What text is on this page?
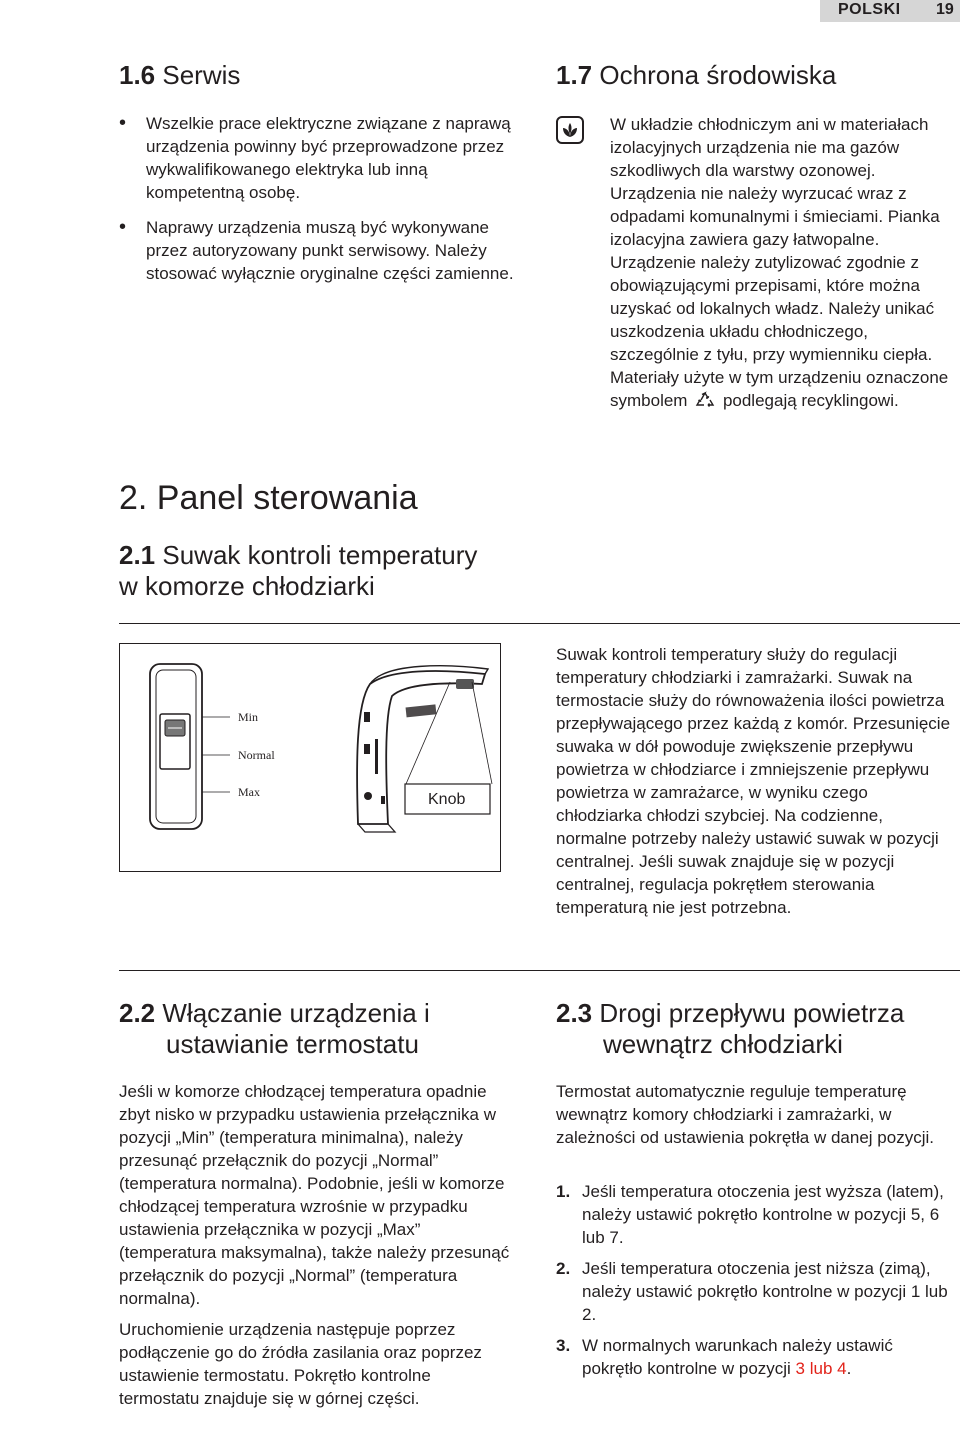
POLSKI 19
1.6 Serwis
• Wszelkie prace elektryczne związane z naprawą urządzenia powinny być przeprowadzone przez wykwalifikowanego elektryka lub inną kompetentną osobę.
• Naprawy urządzenia muszą być wykonywane przez autoryzowany punkt serwisowy. Należy stosować wyłącznie oryginalne części zamienne.
1.7 Ochrona środowiska
W układzie chłodniczym ani w materiałach izolacyjnych urządzenia nie ma gazów szkodliwych dla warstwy ozonowej. Urządzenia nie należy wyrzucać wraz z odpadami komunalnymi i śmieciami. Pianka izolacyjna zawiera gazy łatwopalne. Urządzenie należy zutylizować zgodnie z obowiązującymi przepisami, które można uzyskać od lokalnych władz. Należy unikać uszkodzenia układu chłodniczego, szczególnie z tyłu, przy wymienniku ciepła. Materiały użyte w tym urządzeniu oznaczone symbolem podlegają recyklingowi.
2. Panel sterowania
2.1 Suwak kontroli temperatury
w komorze chłodziarki
Min
Normal
Max	Knob
Suwak kontroli temperatury służy do regulacji temperatury chłodziarki i zamrażarki. Suwak na termostacie służy do równoważenia ilości powietrza przepływającego przez każdą z komór. Przesunięcie suwaka w dół powoduje zwiększenie przepływu powietrza w chłodziarce i zmniejszenie przepływu powietrza w zamrażarce, w wyniku czego chłodziarka chłodzi szybciej. Na codzienne, normalne potrzeby należy ustawić suwak w pozycji centralnej. Jeśli suwak znajduje się w pozycji centralnej, regulacja pokrętłem sterowania temperaturą nie jest potrzebna.
2.2 Włączanie urządzenia i
ustawianie termostatu

Jeśli w komorze chłodzącej temperatura opadnie zbyt nisko w przypadku ustawienia przełącznika w pozycji „Min” (temperatura minimalna), należy przesunąć przełącznik do pozycji „Normal” (temperatura normalna). Podobnie, jeśli w komorze chłodzącej temperatura wzrośnie w przypadku ustawienia przełącznika w pozycji „Max” (temperatura maksymalna), także należy przesunąć przełącznik do pozycji „Normal” (temperatura normalna).

Uruchomienie urządzenia następuje poprzez podłączenie go do źródła zasilania oraz poprzez ustawienie termostatu. Pokrętło kontrolne termostatu znajduje się w górnej części.

2.3 Drogi przepływu powietrza
wewnątrz chłodziarki
Termostat automatycznie reguluje temperaturę wewnątrz komory chłodziarki i zamrażarki, w zależności od ustawienia pokrętła w danej pozycji.
1. Jeśli temperatura otoczenia jest wyższa (latem), należy ustawić pokrętło kontrolne w pozycji 5, 6 lub 7.
2. Jeśli temperatura otoczenia jest niższa (zimą), należy ustawić pokrętło kontrolne w pozycji 1 lub 2.
3. W normalnych warunkach należy ustawić pokrętło kontrolne w pozycji 3 lub 4.
